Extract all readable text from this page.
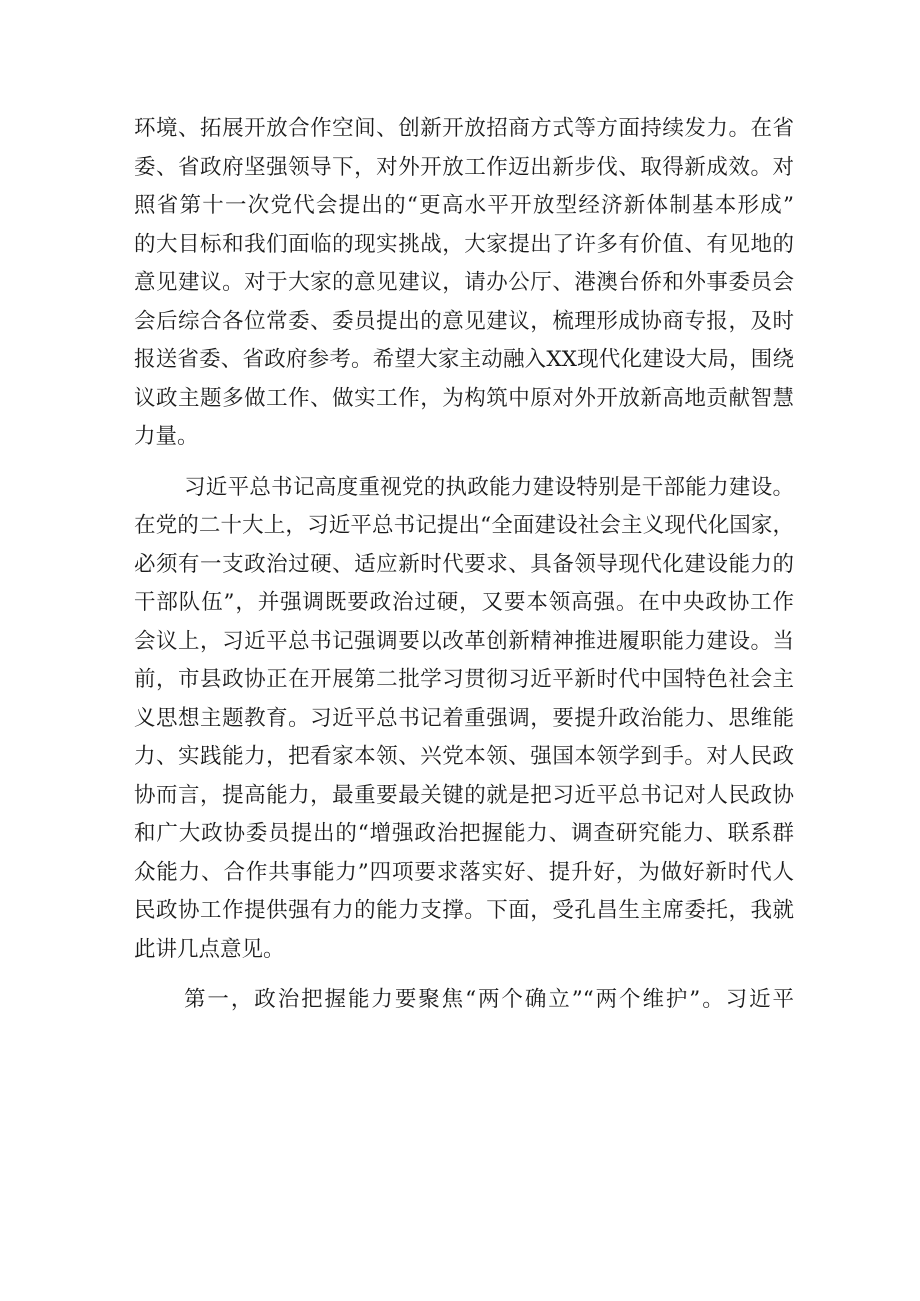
环境、拓展开放合作空间、创新开放招商方式等方面持续发力。在省
委、省政府坚强领导下，对外开放工作迈出新步伐、取得新成效。对
照省第十一次党代会提出的“更高水平开放型经济新体制基本形成”
的大目标和我们面临的现实挑战，大家提出了许多有价值、有见地的
意见建议。对于大家的意见建议，请办公厅、港澳台侨和外事委员会
会后综合各位常委、委员提出的意见建议，梳理形成协商专报，及时
报送省委、省政府参考。希望大家主动融入XX现代化建设大局，围绕
议政主题多做工作、做实工作，为构筑中原对外开放新高地贡献智慧
力量。

习近平总书记高度重视党的执政能力建设特别是干部能力建设。
在党的二十大上，习近平总书记提出“全面建设社会主义现代化国家，
必须有一支政治过硬、适应新时代要求、具备领导现代化建设能力的
干部队伍”，并强调既要政治过硬，又要本领高强。在中央政协工作
会议上，习近平总书记强调要以改革创新精神推进履职能力建设。当
前，市县政协正在开展第二批学习贯彻习近平新时代中国特色社会主
义思想主题教育。习近平总书记着重强调，要提升政治能力、思维能
力、实践能力，把看家本领、兴党本领、强国本领学到手。对人民政
协而言，提高能力，最重要最关键的就是把习近平总书记对人民政协
和广大政协委员提出的“增强政治把握能力、调查研究能力、联系群
众能力、合作共事能力”四项要求落实好、提升好，为做好新时代人
民政协工作提供强有力的能力支撑。下面，受孔昌生主席委托，我就
此讲几点意见。

第一，政治把握能力要聚焦“两个确立”“两个维护”。习近平
